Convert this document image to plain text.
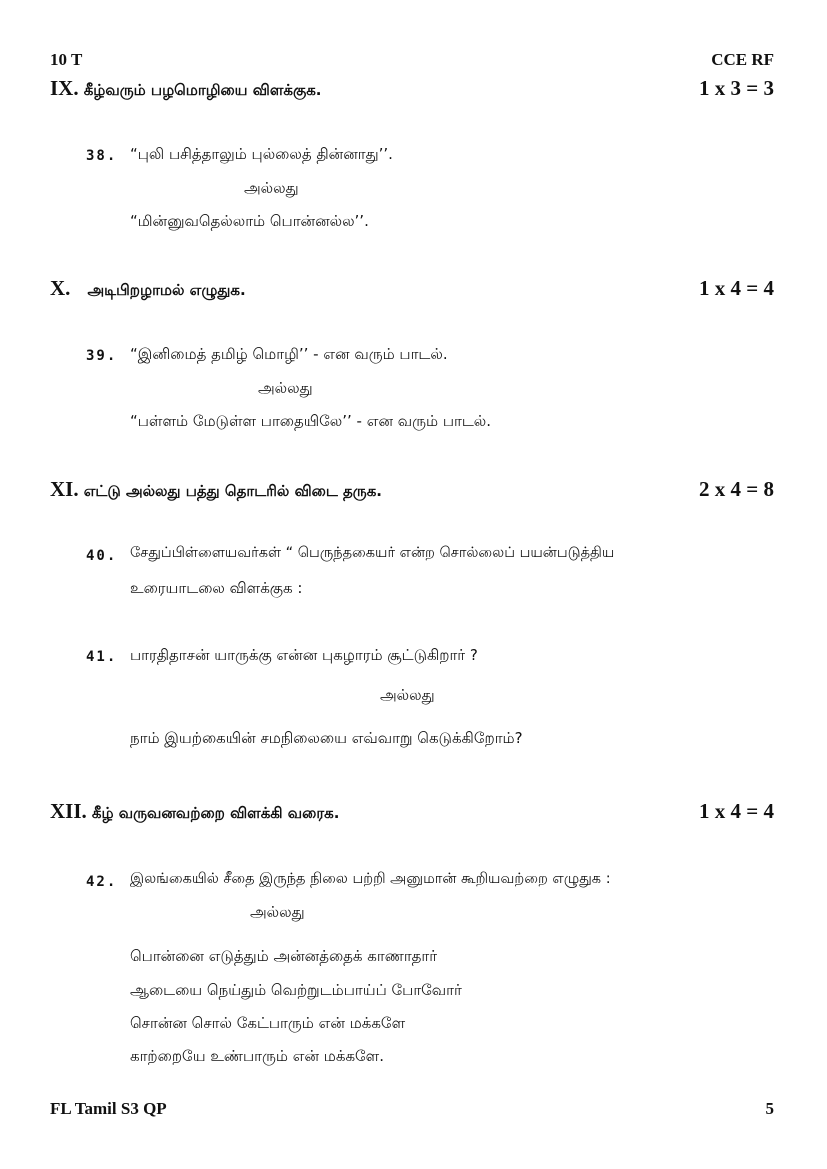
10 T	CCE RF
IX. கீழ்வரும் பழமொழியை விளக்குக.	1 x 3 = 3
38. “புலி பசித்தாலும் புல்லைத் தின்னாது’’.
அல்லது
“மின்னுவதெல்லாம் பொன்னல்ல’’.
X. அடிபிறழாமல் எழுதுக.	1 x 4 = 4
39. “இனிமைத் தமிழ் மொழி’’ - என வரும் பாடல்.
அல்லது
“பள்ளம் மேடுள்ள பாதையிலே’’ - என வரும் பாடல்.
XI. எட்டு அல்லது பத்து தொடரில் விடை தருக.	2 x 4 = 8
40. சேதுப்பிள்ளையவர்கள் “ பெருந்தகையர் என்ற சொல்லைப் பயன்படுத்திய
உரையாடலை விளக்குக :
41. பாரதிதாசன் யாருக்கு என்ன புகழாரம் சூட்டுகிறார் ?
அல்லது
நாம் இயற்கையின் சமநிலையை எவ்வாறு கெடுக்கிறோம்?
XII. கீழ் வருவனவற்றை விளக்கி வரைக.	1 x 4 = 4
42. இலங்கையில் சீதை இருந்த நிலை பற்றி அனுமான் கூறியவற்றை எழுதுக :
அல்லது
பொன்னை எடுத்தும் அன்னத்தைக் காணாதார்
ஆடையை நெய்தும் வெற்றுடம்பாய்ப் போவோர்
சொன்ன சொல் கேட்பாரும் என் மக்களே
காற்றையே உண்பாரும் என் மக்களே.
FL Tamil S3 QP	5
